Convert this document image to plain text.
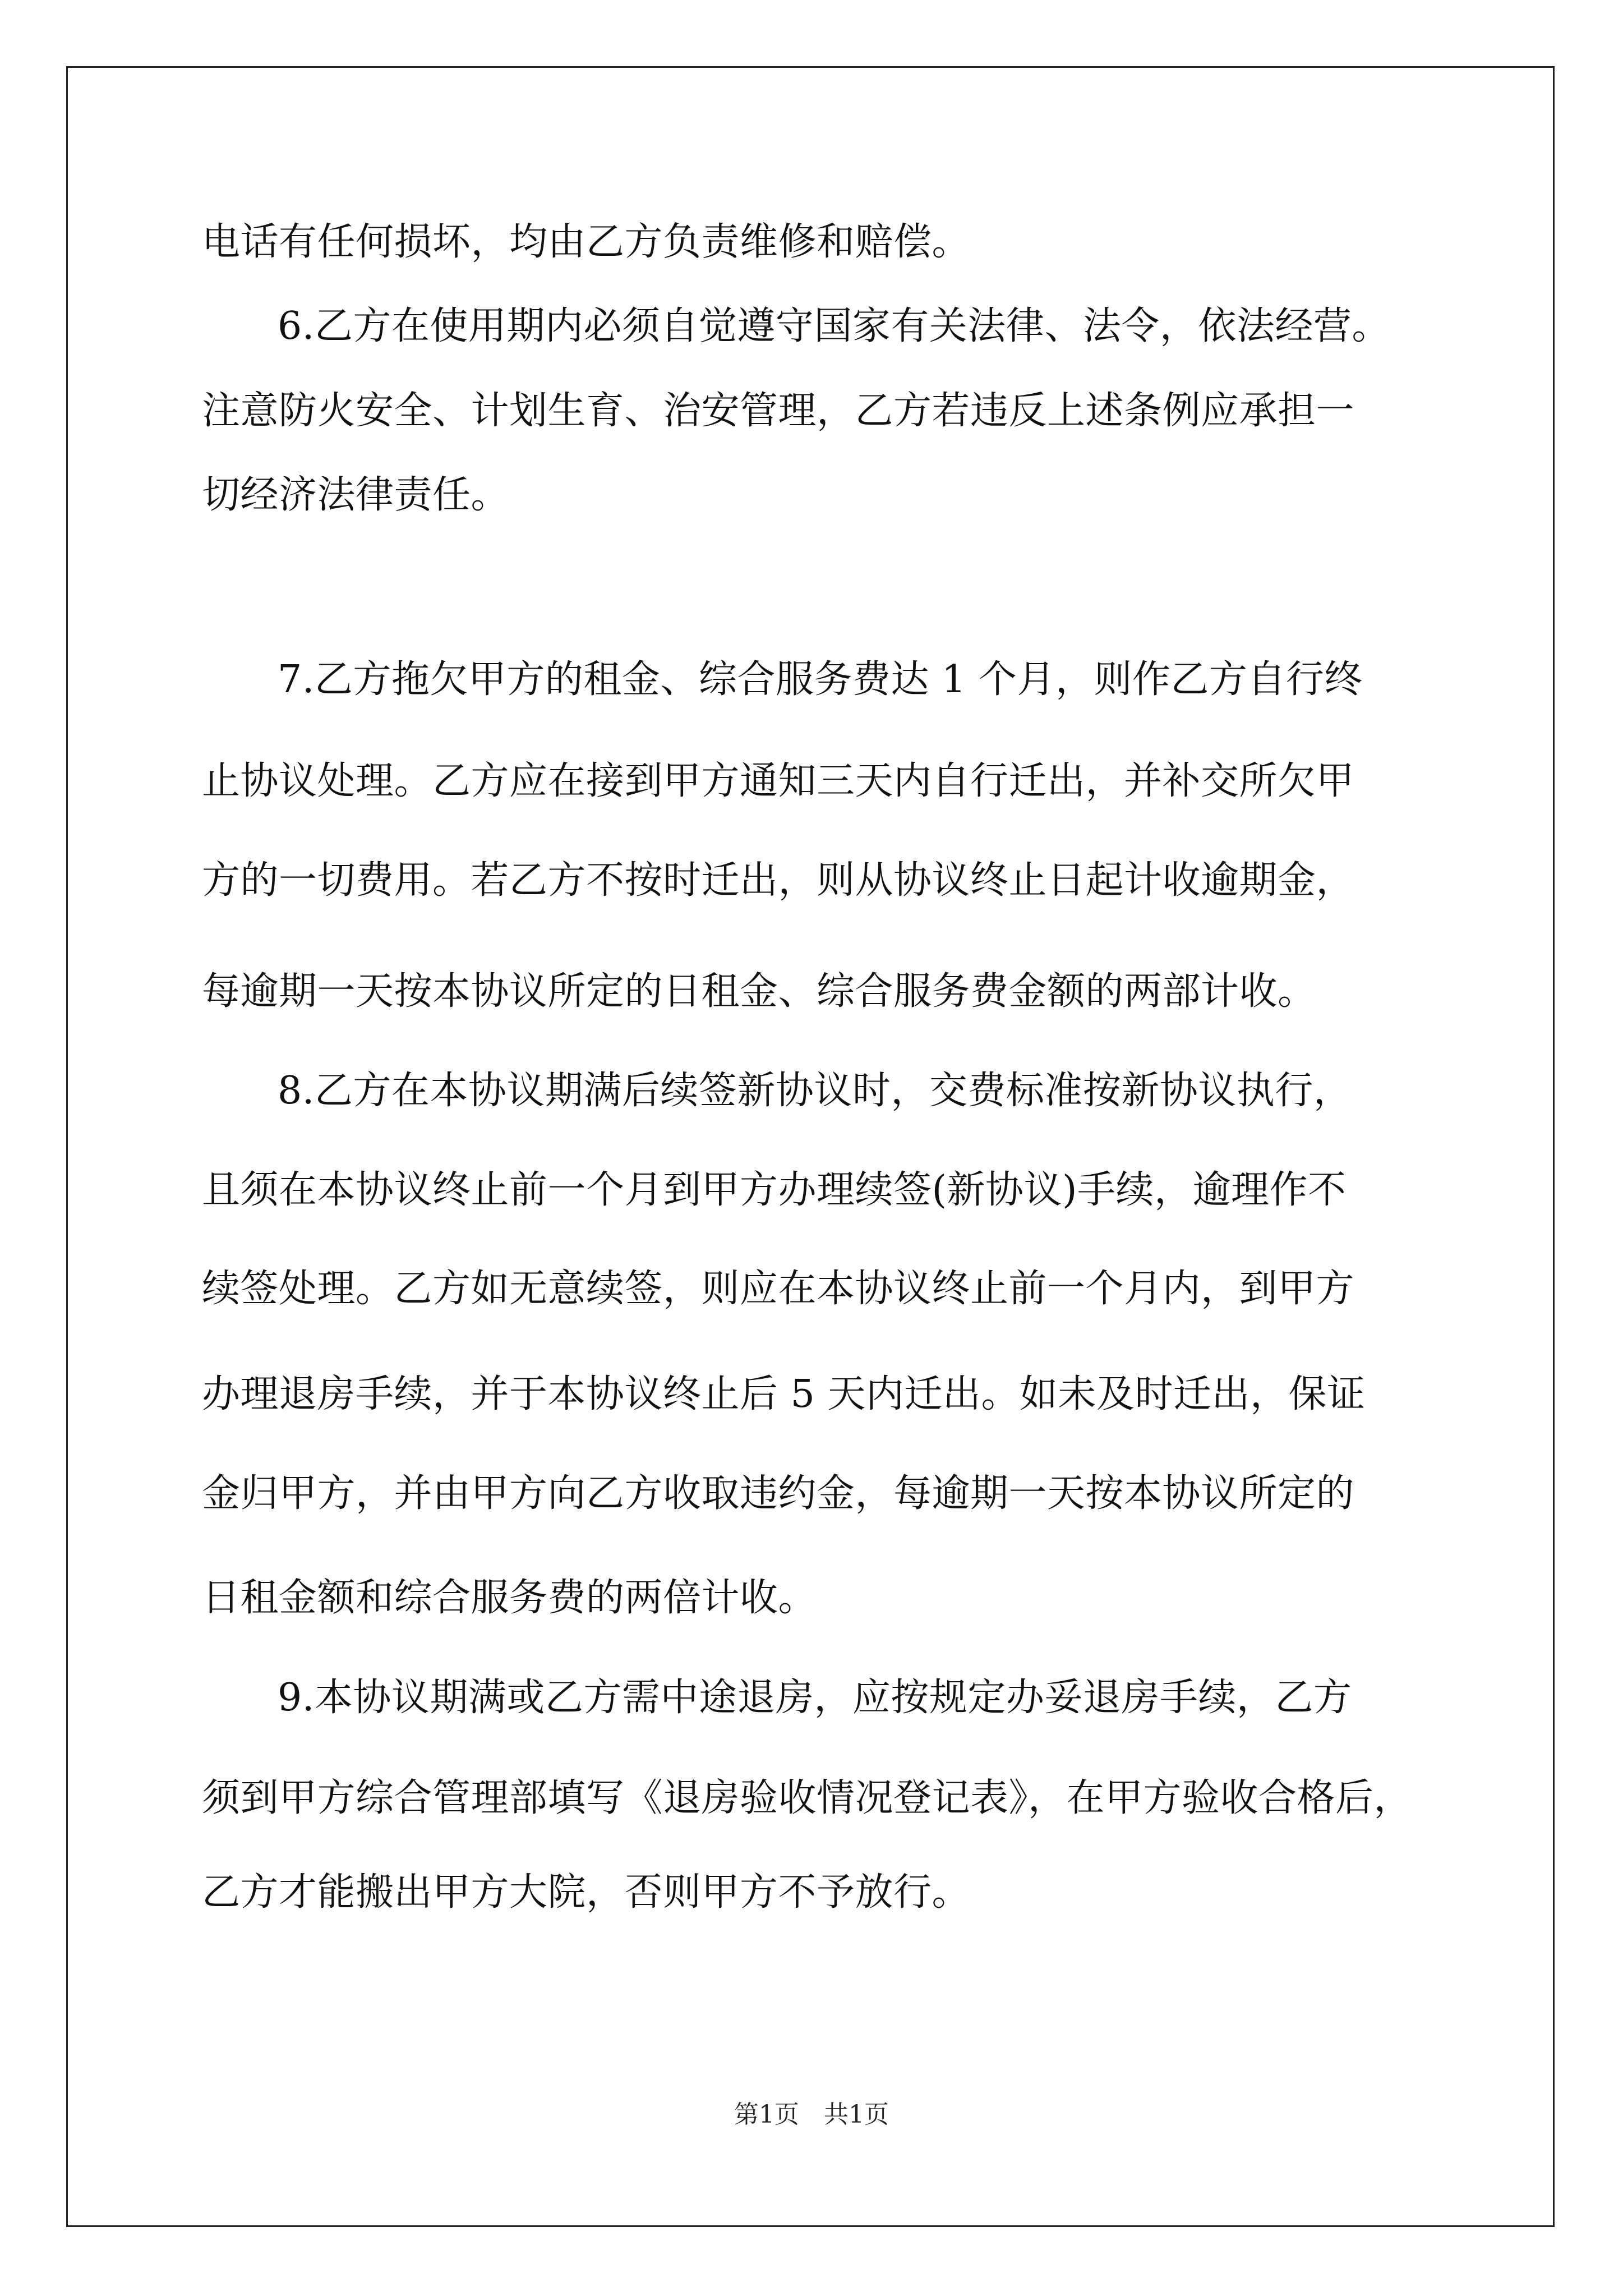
电话有任何损坏，均由乙方负责维修和赔偿。
6.乙方在使用期内必须自觉遵守国家有关法律、法令，依法经营。
注意防火安全、计划生育、治安管理，乙方若违反上述条例应承担一
切经济法律责任。
7.乙方拖欠甲方的租金、综合服务费达 1 个月，则作乙方自行终
止协议处理。乙方应在接到甲方通知三天内自行迁出，并补交所欠甲
方的一切费用。若乙方不按时迁出，则从协议终止日起计收逾期金，
每逾期一天按本协议所定的日租金、综合服务费金额的两部计收。
8.乙方在本协议期满后续签新协议时，交费标准按新协议执行，
且须在本协议终止前一个月到甲方办理续签(新协议)手续，逾理作不
续签处理。乙方如无意续签，则应在本协议终止前一个月内，到甲方
办理退房手续，并于本协议终止后 5 天内迁出。如未及时迁出，保证
金归甲方，并由甲方向乙方收取违约金，每逾期一天按本协议所定的
日租金额和综合服务费的两倍计收。
9.本协议期满或乙方需中途退房，应按规定办妥退房手续，乙方
须到甲方综合管理部填写《退房验收情况登记表》，在甲方验收合格后，
乙方才能搬出甲方大院，否则甲方不予放行。
第1页　共1页
